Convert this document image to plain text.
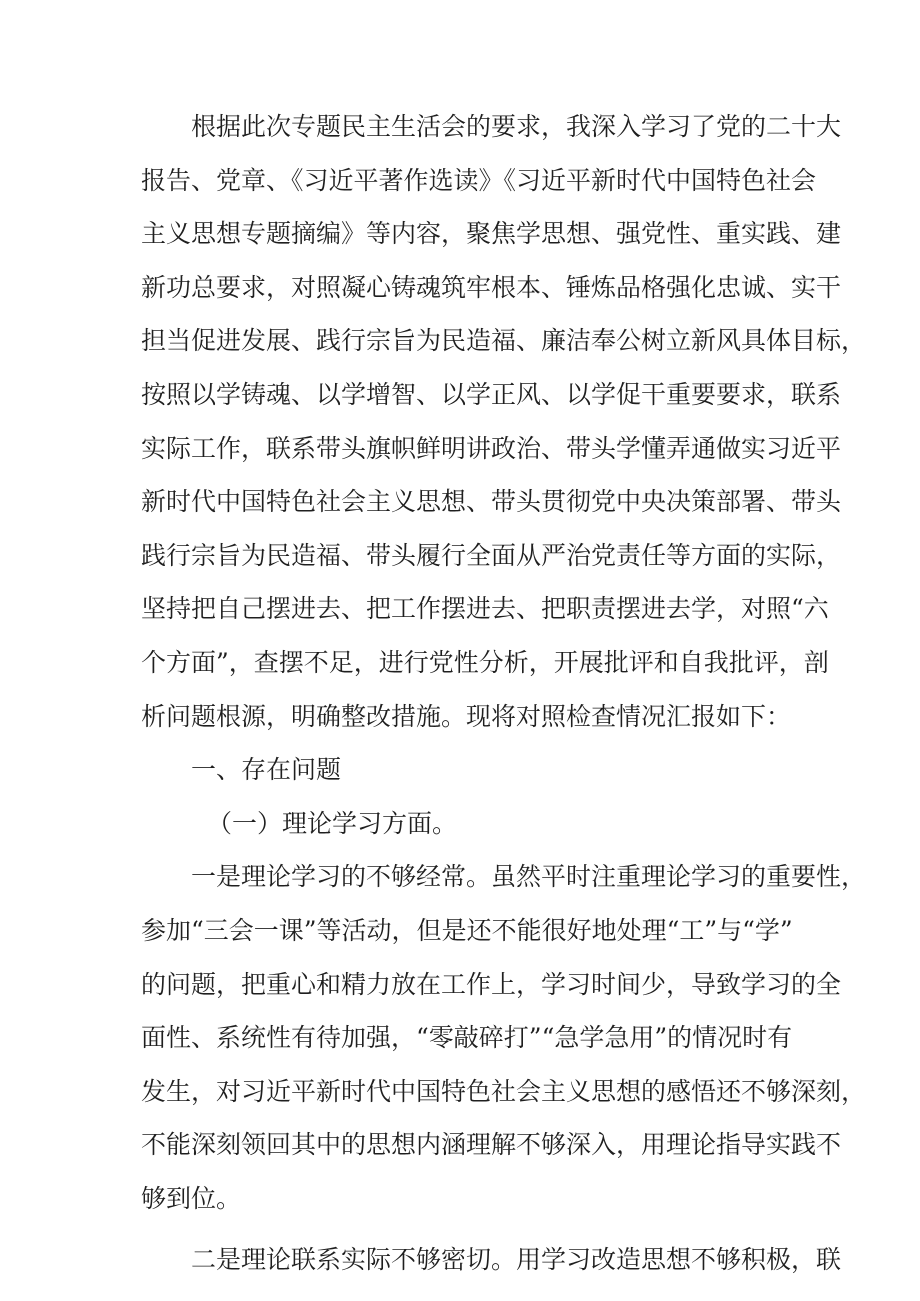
根据此次专题民主生活会的要求，我深入学习了党的二十大
报告、党章、《习近平著作选读》《习近平新时代中国特色社会
主义思想专题摘编》等内容，聚焦学思想、强党性、重实践、建
新功总要求，对照凝心铸魂筑牢根本、锤炼品格强化忠诚、实干
担当促进发展、践行宗旨为民造福、廉洁奉公树立新风具体目标，
按照以学铸魂、以学增智、以学正风、以学促干重要要求，联系
实际工作，联系带头旗帜鲜明讲政治、带头学懂弄通做实习近平
新时代中国特色社会主义思想、带头贯彻党中央决策部署、带头
践行宗旨为民造福、带头履行全面从严治党责任等方面的实际，
坚持把自己摆进去、把工作摆进去、把职责摆进去学，对照“六
个方面”，查摆不足，进行党性分析，开展批评和自我批评，剖
析问题根源，明确整改措施。现将对照检查情况汇报如下：
一、存在问题
（一）理论学习方面。
一是理论学习的不够经常。虽然平时注重理论学习的重要性，
参加“三会一课”等活动，但是还不能很好地处理“工”与“学”
的问题，把重心和精力放在工作上，学习时间少，导致学习的全
面性、系统性有待加强，“零敲碎打”“急学急用”的情况时有
发生，对习近平新时代中国特色社会主义思想的感悟还不够深刻，
不能深刻领回其中的思想内涵理解不够深入，用理论指导实践不
够到位。
二是理论联系实际不够密切。用学习改造思想不够积极，联
